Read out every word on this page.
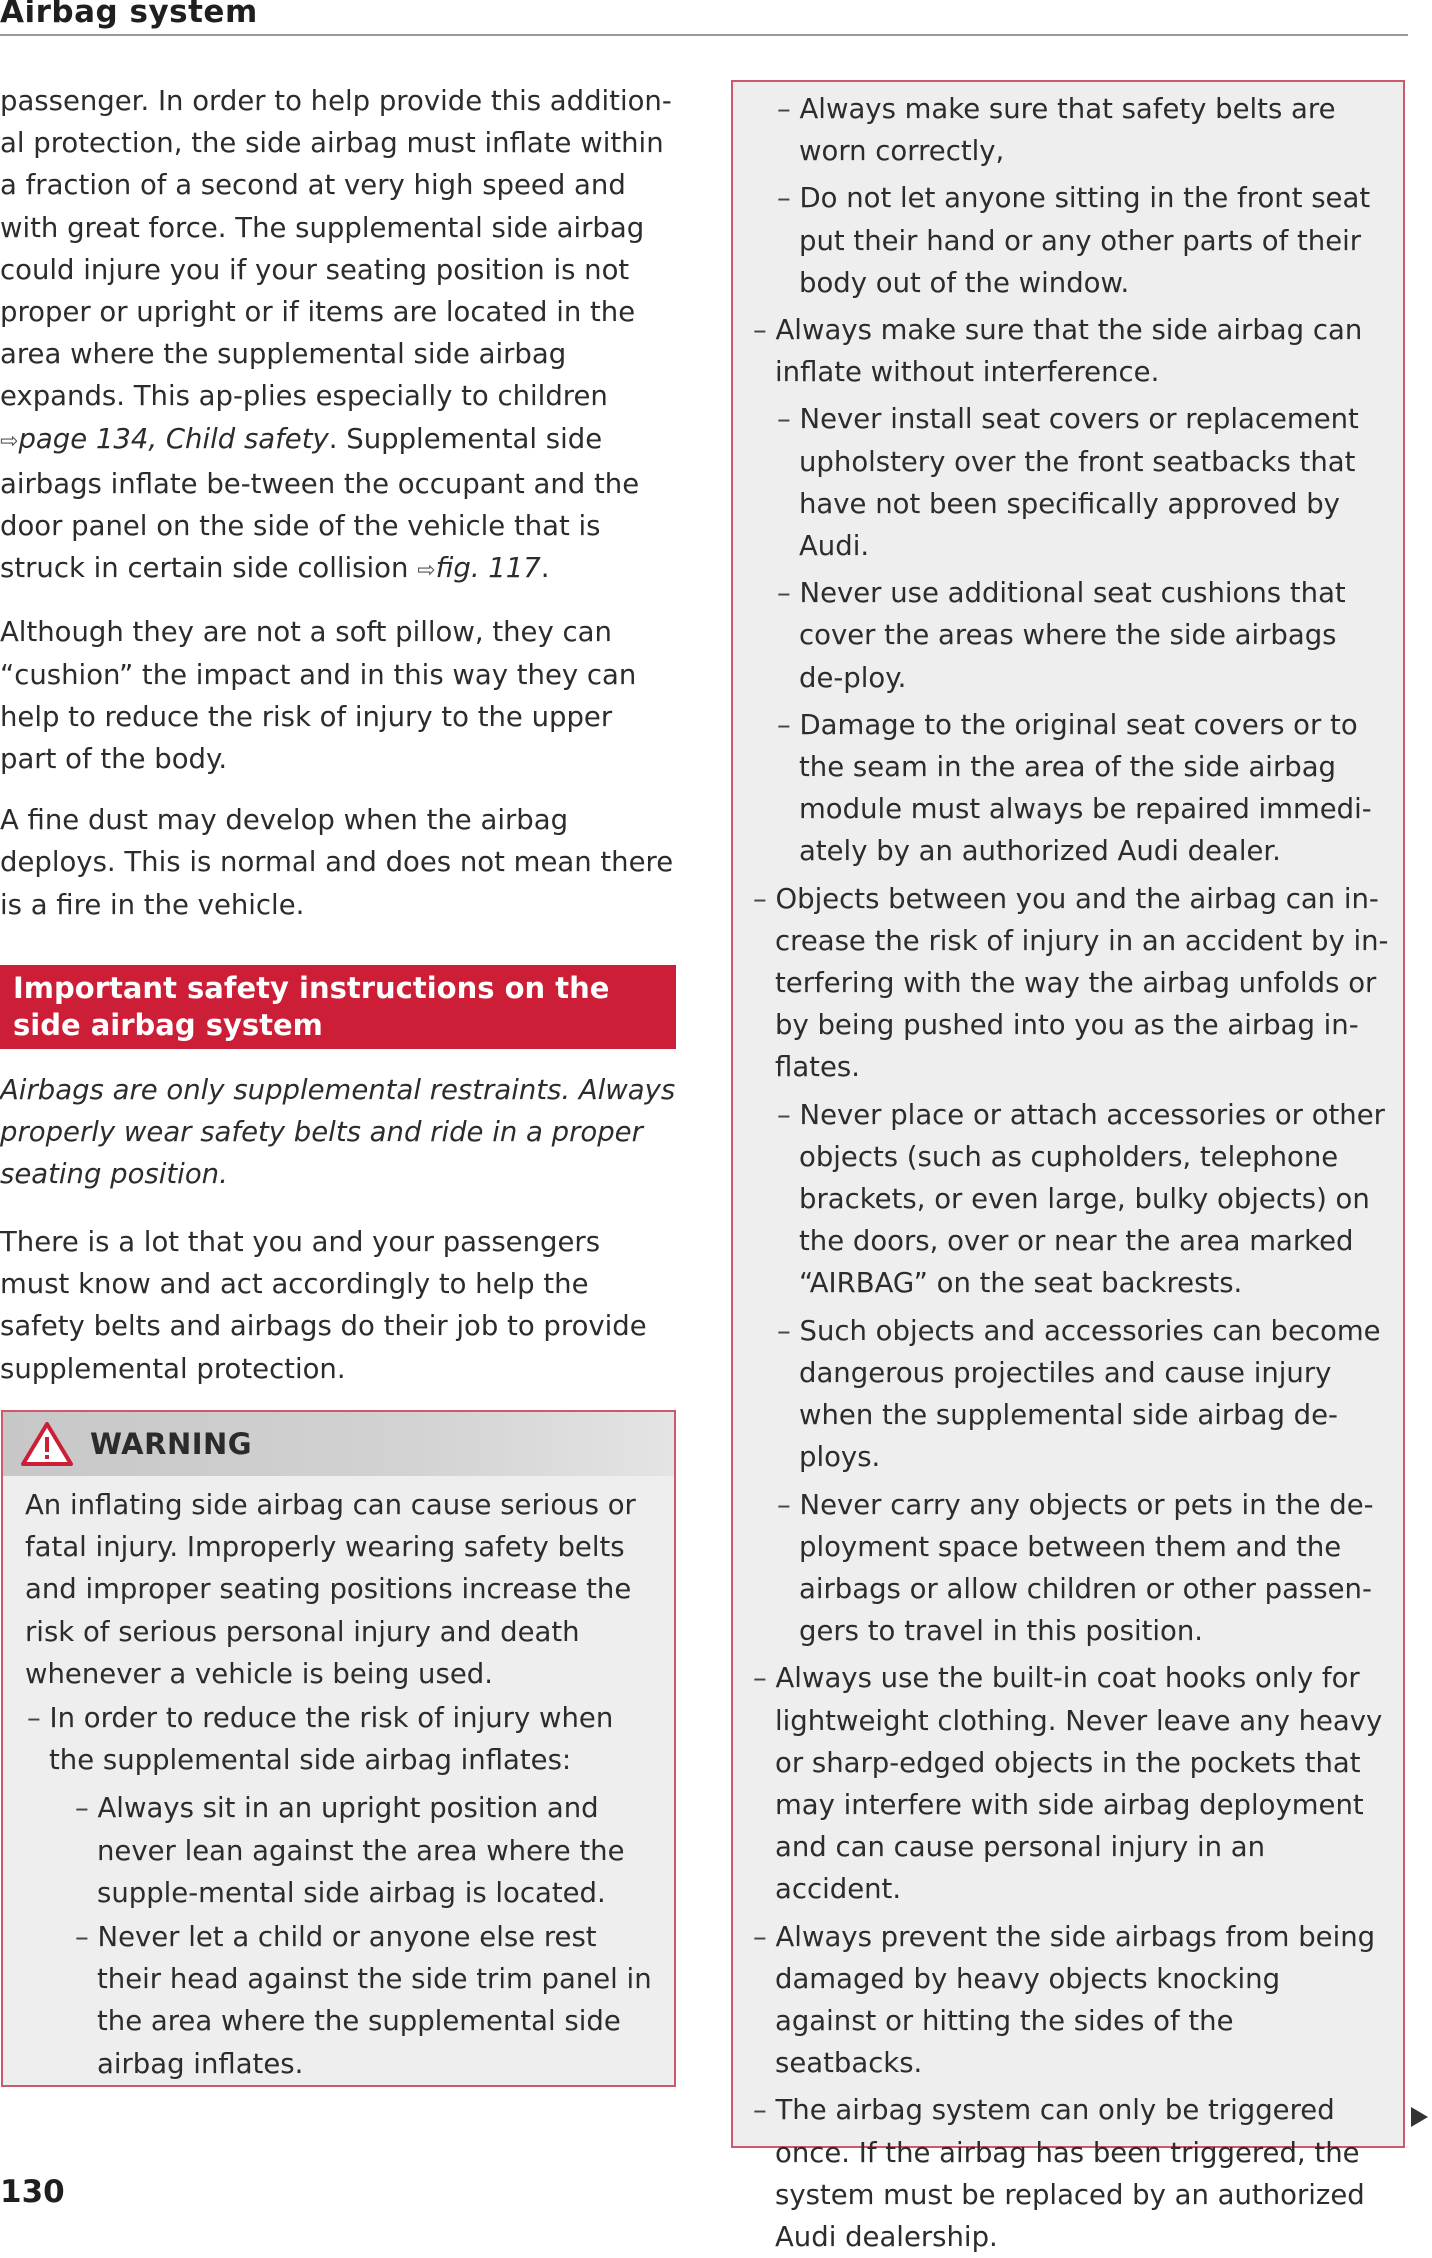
Airbag system

passenger. In order to help provide this addition-al protection, the side airbag must inflate within a fraction of a second at very high speed and with great force. The supplemental side airbag could injure you if your seating position is not proper or upright or if items are located in the area where the supplemental side airbag expands. This ap-plies especially to children ⇨page 134, Child safety. Supplemental side airbags inflate be-tween the occupant and the door panel on the side of the vehicle that is struck in certain side collision ⇨fig. 117.

Although they are not a soft pillow, they can “cushion” the impact and in this way they can help to reduce the risk of injury to the upper part of the body.

A fine dust may develop when the airbag deploys. This is normal and does not mean there is a fire in the vehicle.

Important safety instructions on the side airbag system

Airbags are only supplemental restraints. Always properly wear safety belts and ride in a proper seating position.

There is a lot that you and your passengers must know and act accordingly to help the safety belts and airbags do their job to provide supplemental protection.

WARNING

An inflating side airbag can cause serious or fatal injury. Improperly wearing safety belts and improper seating positions increase the risk of serious personal injury and death whenever a vehicle is being used.

– In order to reduce the risk of injury when the supplemental side airbag inflates:
– Always sit in an upright position and never lean against the area where the supple-mental side airbag is located.
– Never let a child or anyone else rest their head against the side trim panel in the area where the supplemental side airbag inflates.
– Always make sure that safety belts are worn correctly,
– Do not let anyone sitting in the front seat put their hand or any other parts of their body out of the window.
– Always make sure that the side airbag can inflate without interference.
– Never install seat covers or replacement upholstery over the front seatbacks that have not been specifically approved by Audi.
– Never use additional seat cushions that cover the areas where the side airbags de-ploy.
– Damage to the original seat covers or to the seam in the area of the side airbag module must always be repaired immedi-ately by an authorized Audi dealer.
– Objects between you and the airbag can in-crease the risk of injury in an accident by in-terfering with the way the airbag unfolds or by being pushed into you as the airbag in-flates.
– Never place or attach accessories or other objects (such as cupholders, telephone brackets, or even large, bulky objects) on the doors, over or near the area marked “AIRBAG” on the seat backrests.
– Such objects and accessories can become dangerous projectiles and cause injury when the supplemental side airbag de-ploys.
– Never carry any objects or pets in the de-ployment space between them and the airbags or allow children or other passen-gers to travel in this position.
– Always use the built-in coat hooks only for lightweight clothing. Never leave any heavy or sharp-edged objects in the pockets that may interfere with side airbag deployment and can cause personal injury in an accident.
– Always prevent the side airbags from being damaged by heavy objects knocking against or hitting the sides of the seatbacks.
– The airbag system can only be triggered once. If the airbag has been triggered, the system must be replaced by an authorized Audi dealership.
130
